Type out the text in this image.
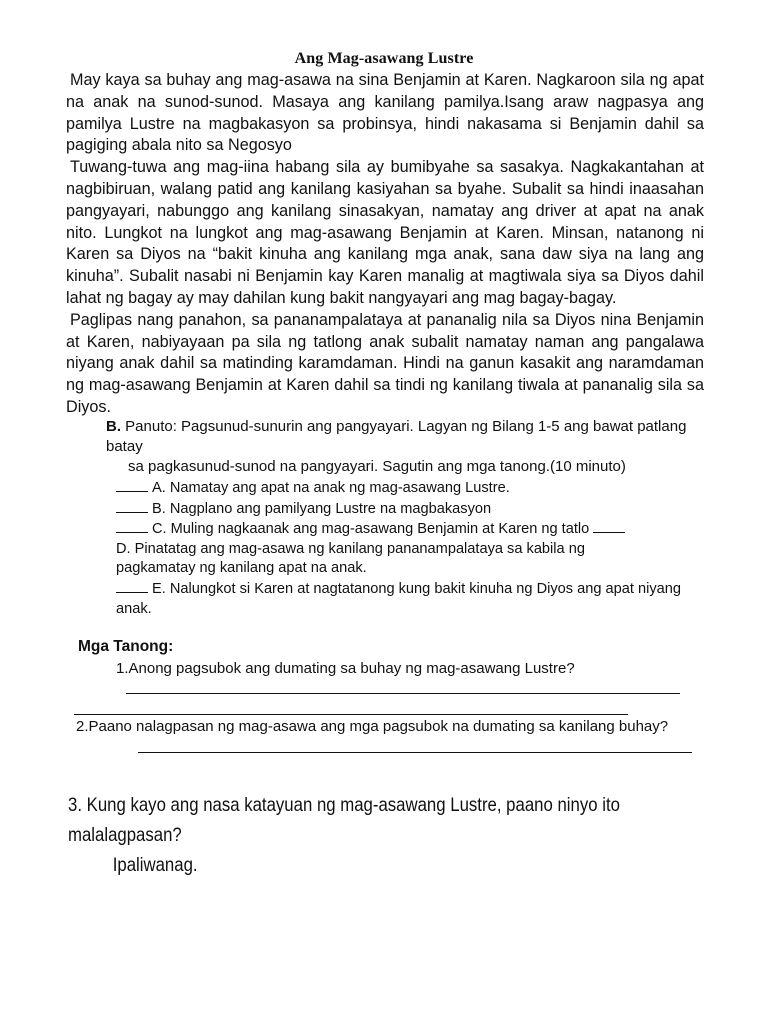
Ang Mag-asawang Lustre

May kaya sa buhay ang mag-asawa na sina Benjamin at Karen. Nagkaroon sila ng apat na anak na sunod-sunod. Masaya ang kanilang pamilya.Isang araw nagpasya ang pamilya Lustre na magbakasyon sa probinsya, hindi nakasama si Benjamin dahil sa pagiging abala nito sa Negosyo

Tuwang-tuwa ang mag-iina habang sila ay bumibyahe sa sasakya. Nagkakantahan at nagbibiruan, walang patid ang kanilang kasiyahan sa byahe. Subalit sa hindi inaasahan pangyayari, nabunggo ang kanilang sinasakyan, namatay ang driver at apat na anak nito. Lungkot na lungkot ang mag-asawang Benjamin at Karen. Minsan, natanong ni Karen sa Diyos na “bakit kinuha ang kanilang mga anak, sana daw siya na lang ang kinuha”. Subalit nasabi ni Benjamin kay Karen manalig at magtiwala siya sa Diyos dahil lahat ng bagay ay may dahilan kung bakit nangyayari ang mag bagay-bagay.

Paglipas nang panahon, sa pananampalataya at pananalig nila sa Diyos nina Benjamin at Karen, nabiyayaan pa sila ng tatlong anak subalit namatay naman ang pangalawa niyang anak dahil sa matinding karamdaman. Hindi na ganun kasakit ang naramdaman ng mag-asawang Benjamin at Karen dahil sa tindi ng kanilang tiwala at pananalig sila sa Diyos.

B. Panuto: Pagsunud-sunurin ang pangyayari. Lagyan ng Bilang 1-5 ang bawat patlang batay
sa pagkasunud-sunod na pangyayari. Sagutin ang mga tanong.(10 minuto)
A. Namatay ang apat na anak ng mag-asawang Lustre.
B. Nagplano ang pamilyang Lustre na magbakasyon
C. Muling nagkaanak ang mag-asawang Benjamin at Karen ng tatlo
D. Pinatatag ang mag-asawa ng kanilang pananampalataya sa kabila ng
pagkamatay ng kanilang apat na anak.
E. Nalungkot si Karen at nagtatanong kung bakit kinuha ng Diyos ang apat niyang
anak.
Mga Tanong:
1.Anong pagsubok ang dumating sa buhay ng mag-asawang Lustre?
2.Paano nalagpasan ng mag-asawa ang mga pagsubok na dumating sa kanilang buhay?
3. Kung kayo ang nasa katayuan ng mag-asawang Lustre, paano ninyo ito malalagpasan?
Ipaliwanag.
